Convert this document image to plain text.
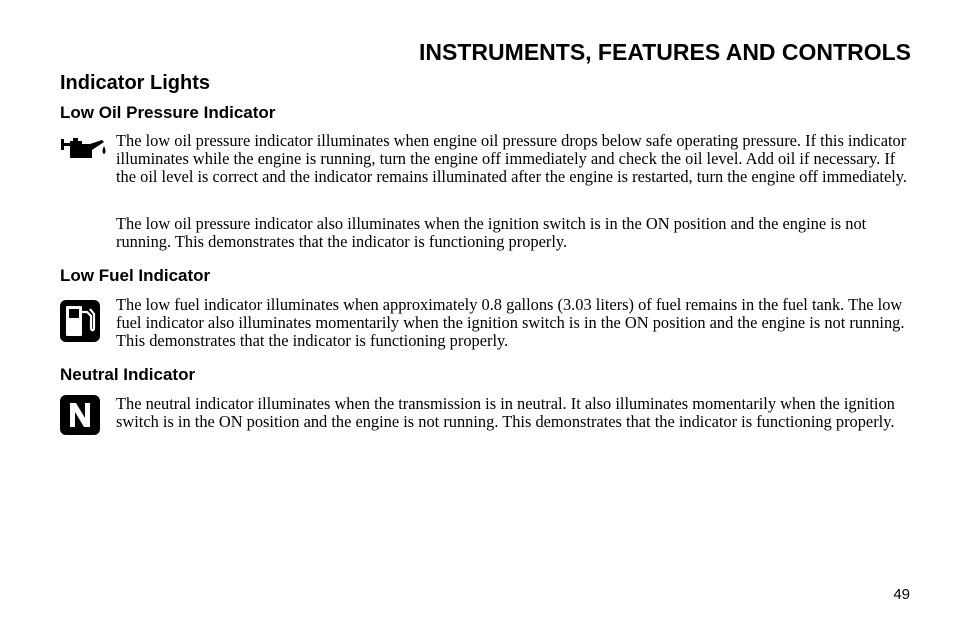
INSTRUMENTS, FEATURES AND CONTROLS
Indicator Lights
Low Oil Pressure Indicator

The low oil pressure indicator illuminates when engine oil pressure drops below safe operating pressure. If this indicator illuminates while the engine is running, turn the engine off immediately and check the oil level. Add oil if necessary. If the oil level is correct and the indicator remains illuminated after the engine is restarted, turn the engine off immediately.

The low oil pressure indicator also illuminates when the ignition switch is in the ON position and the engine is not running. This demonstrates that the indicator is functioning properly.

Low Fuel Indicator

The low fuel indicator illuminates when approximately 0.8 gallons (3.03 liters) of fuel remains in the fuel tank. The low fuel indicator also illuminates momentarily when the ignition switch is in the ON position and the engine is not running. This demonstrates that the indicator is functioning properly.

Neutral Indicator

The neutral indicator illuminates when the transmission is in neutral. It also illuminates momentarily when the ignition switch is in the ON position and the engine is not running. This demonstrates that the indicator is functioning properly.

49
